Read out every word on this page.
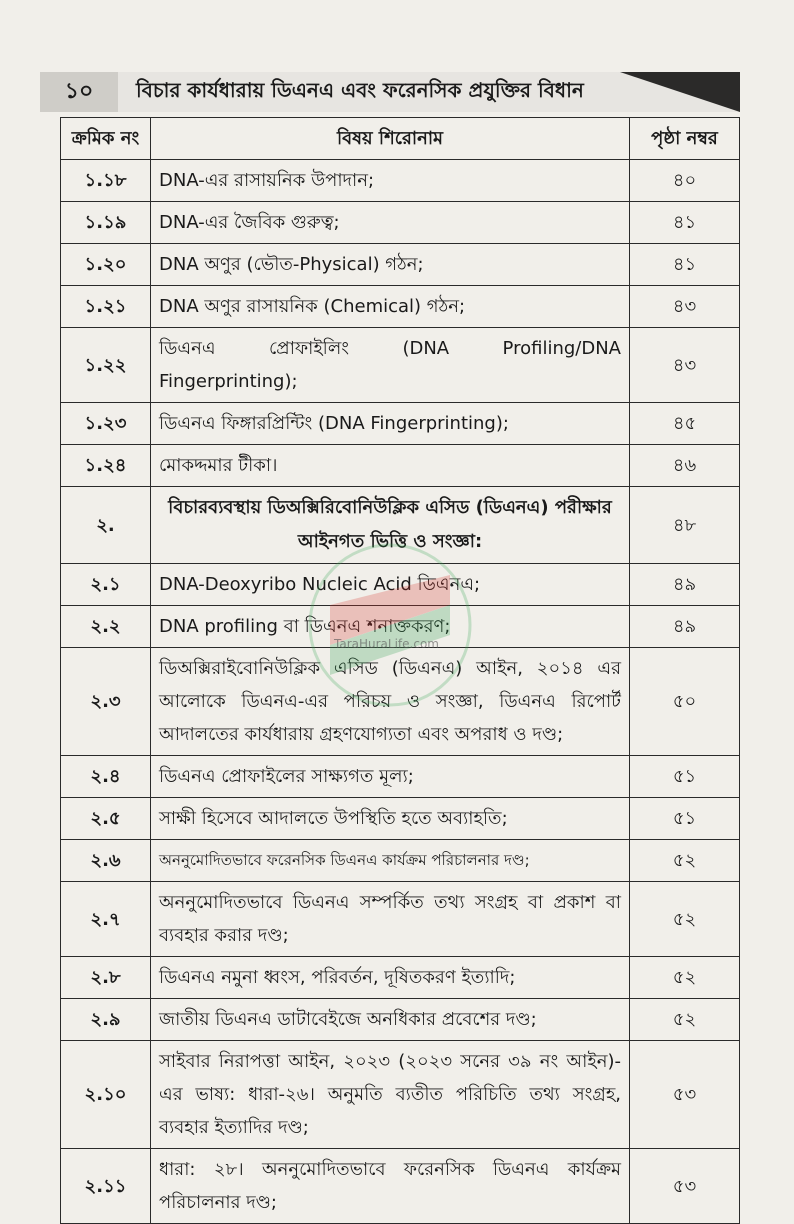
১০	বিচার কার্যধারায় ডিএনএ এবং ফরেনসিক প্রযুক্তির বিধান
ক্রমিক নং	বিষয় শিরোনাম	পৃষ্ঠা নম্বর
১.১৮	DNA-এর রাসায়নিক উপাদান;	৪০
১.১৯	DNA-এর জৈবিক গুরুত্ব;	৪১
১.২০	DNA অণুর (ভৌত-Physical) গঠন;	৪১
১.২১	DNA অণুর রাসায়নিক (Chemical) গঠন;	৪৩
১.২২	ডিএনএ প্রোফাইলিং (DNA Profiling/DNA Fingerprinting);	৪৩
১.২৩	ডিএনএ ফিঙ্গারপ্রিন্টিং (DNA Fingerprinting);	৪৫
১.২৪	মোকদ্দমার টীকা।	৪৬
২.	বিচারব্যবস্থায় ডিঅক্সিরিবোনিউক্লিক এসিড (ডিএনএ) পরীক্ষার আইনগত ভিত্তি ও সংজ্ঞা:	৪৮
২.১	DNA-Deoxyribo Nucleic Acid ডিএনএ;	৪৯
২.২	DNA profiling বা ডিএনএ শনাক্তকরণ;	৪৯
২.৩	ডিঅক্সিরাইবোনিউক্লিক এসিড (ডিএনএ) আইন, ২০১৪ এর আলোকে ডিএনএ-এর পরিচয় ও সংজ্ঞা, ডিএনএ রিপোর্ট আদালতের কার্যধারায় গ্রহণযোগ্যতা এবং অপরাধ ও দণ্ড;	৫০
২.৪	ডিএনএ প্রোফাইলের সাক্ষ্যগত মূল্য;	৫১
২.৫	সাক্ষী হিসেবে আদালতে উপস্থিতি হতে অব্যাহতি;	৫১
২.৬	অননুমোদিতভাবে ফরেনসিক ডিএনএ কার্যক্রম পরিচালনার দণ্ড;	৫২
২.৭	অননুমোদিতভাবে ডিএনএ সম্পর্কিত তথ্য সংগ্রহ বা প্রকাশ বা ব্যবহার করার দণ্ড;	৫২
২.৮	ডিএনএ নমুনা ধ্বংস, পরিবর্তন, দূষিতকরণ ইত্যাদি;	৫২
২.৯	জাতীয় ডিএনএ ডাটাবেইজে অনধিকার প্রবেশের দণ্ড;	৫২
২.১০	সাইবার নিরাপত্তা আইন, ২০২৩ (২০২৩ সনের ৩৯ নং আইন)-এর ভাষ্য: ধারা-২৬। অনুমতি ব্যতীত পরিচিতি তথ্য সংগ্রহ, ব্যবহার ইত্যাদির দণ্ড;	৫৩
২.১১	ধারা: ২৮। অননুমোদিতভাবে ফরেনসিক ডিএনএ কার্যক্রম পরিচালনার দণ্ড;	৫৩
TaraHuraLife.com
